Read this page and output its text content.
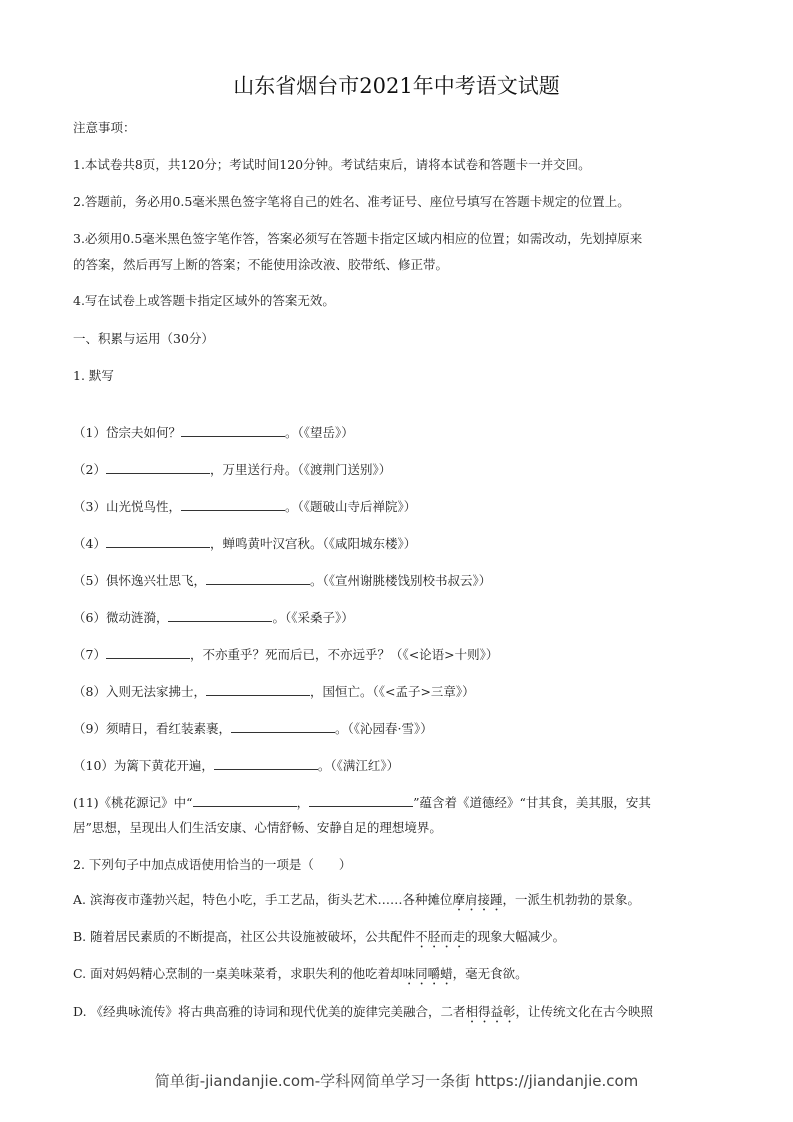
山东省烟台市2021年中考语文试题
注意事项：
1.本试卷共8页，共120分；考试时间120分钟。考试结束后，请将本试卷和答题卡一并交回。
2.答题前，务必用0.5毫米黑色签字笔将自己的姓名、准考证号、座位号填写在答题卡规定的位置上。
3.必须用0.5毫米黑色签字笔作答，答案必须写在答题卡指定区域内相应的位置；如需改动，先划掉原来
的答案，然后再写上断的答案；不能使用涂改液、胶带纸、修正带。
4.写在试卷上或答题卡指定区域外的答案无效。
一、积累与运用（30分）
1. 默写
（1）岱宗夫如何？	。（《望岳》）
（2）	，万里送行舟。（《渡荆门送别》）
（3）山光悦鸟性，	。（《题破山寺后禅院》）
（4）	，蝉鸣黄叶汉宫秋。（《咸阳城东楼》）
（5）俱怀逸兴壮思飞，	。（《宣州谢朓楼饯别校书叔云》）
（6）微动涟漪，	。（《采桑子》）
（7）	，不亦重乎？死而后已，不亦远乎？（《<论语>十则》）
（8）入则无法家拂士，	，国恒亡。（《<孟子>三章》）
（9）须晴日，看红装素裹，	。（《沁园春·雪》）
（10）为篱下黄花开遍，	。（《满江红》）
(11)《桃花源记》中“	，	”蕴含着《道德经》“甘其食，美其服，安其
居”思想，呈现出人们生活安康、心情舒畅、安静自足的理想境界。
2. 下列句子中加点成语使用恰当的一项是（　　）
A. 滨海夜市蓬勃兴起，特色小吃，手工艺品，街头艺术……各种摊位摩肩接踵，一派生机勃勃的景象。
B. 随着居民素质的不断提高，社区公共设施被破坏，公共配件不胫而走的现象大幅减少。
C. 面对妈妈精心烹制的一桌美味菜肴，求职失利的他吃着却味同嚼蜡，毫无食欲。
D. 《经典咏流传》将古典高雅的诗词和现代优美的旋律完美融合，二者相得益彰，让传统文化在古今映照
简单街-jiandanjie.com-学科网简单学习一条街 https://jiandanjie.com
